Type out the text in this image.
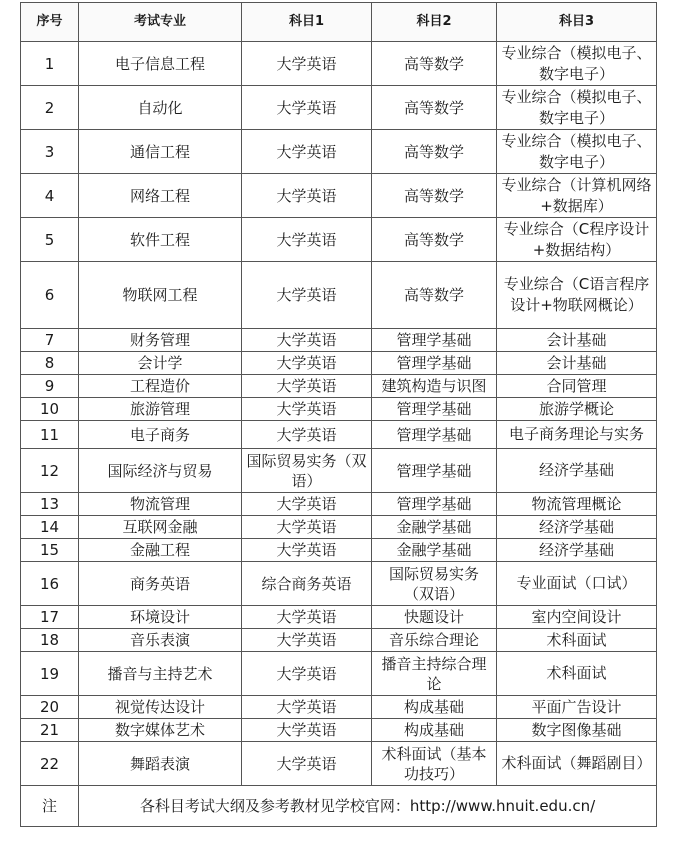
序号	考试专业	科目1	科目2	科目3
1	电子信息工程	大学英语	高等数学	专业综合（模拟电子、数字电子）
2	自动化	大学英语	高等数学	专业综合（模拟电子、数字电子）
3	通信工程	大学英语	高等数学	专业综合（模拟电子、数字电子）
4	网络工程	大学英语	高等数学	专业综合（计算机网络+数据库）
5	软件工程	大学英语	高等数学	专业综合（C程序设计+数据结构）
6	物联网工程	大学英语	高等数学	专业综合（C语言程序设计+物联网概论）
7	财务管理	大学英语	管理学基础	会计基础
8	会计学	大学英语	管理学基础	会计基础
9	工程造价	大学英语	建筑构造与识图	合同管理
10	旅游管理	大学英语	管理学基础	旅游学概论
11	电子商务	大学英语	管理学基础	电子商务理论与实务
12	国际经济与贸易	国际贸易实务（双语）	管理学基础	经济学基础
13	物流管理	大学英语	管理学基础	物流管理概论
14	互联网金融	大学英语	金融学基础	经济学基础
15	金融工程	大学英语	金融学基础	经济学基础
16	商务英语	综合商务英语	国际贸易实务（双语）	专业面试（口试）
17	环境设计	大学英语	快题设计	室内空间设计
18	音乐表演	大学英语	音乐综合理论	术科面试
19	播音与主持艺术	大学英语	播音主持综合理论	术科面试
20	视觉传达设计	大学英语	构成基础	平面广告设计
21	数字媒体艺术	大学英语	构成基础	数字图像基础
22	舞蹈表演	大学英语	术科面试（基本功技巧）	术科面试（舞蹈剧目）
注	各科目考试大纲及参考教材见学校官网：http://www.hnuit.edu.cn/			
